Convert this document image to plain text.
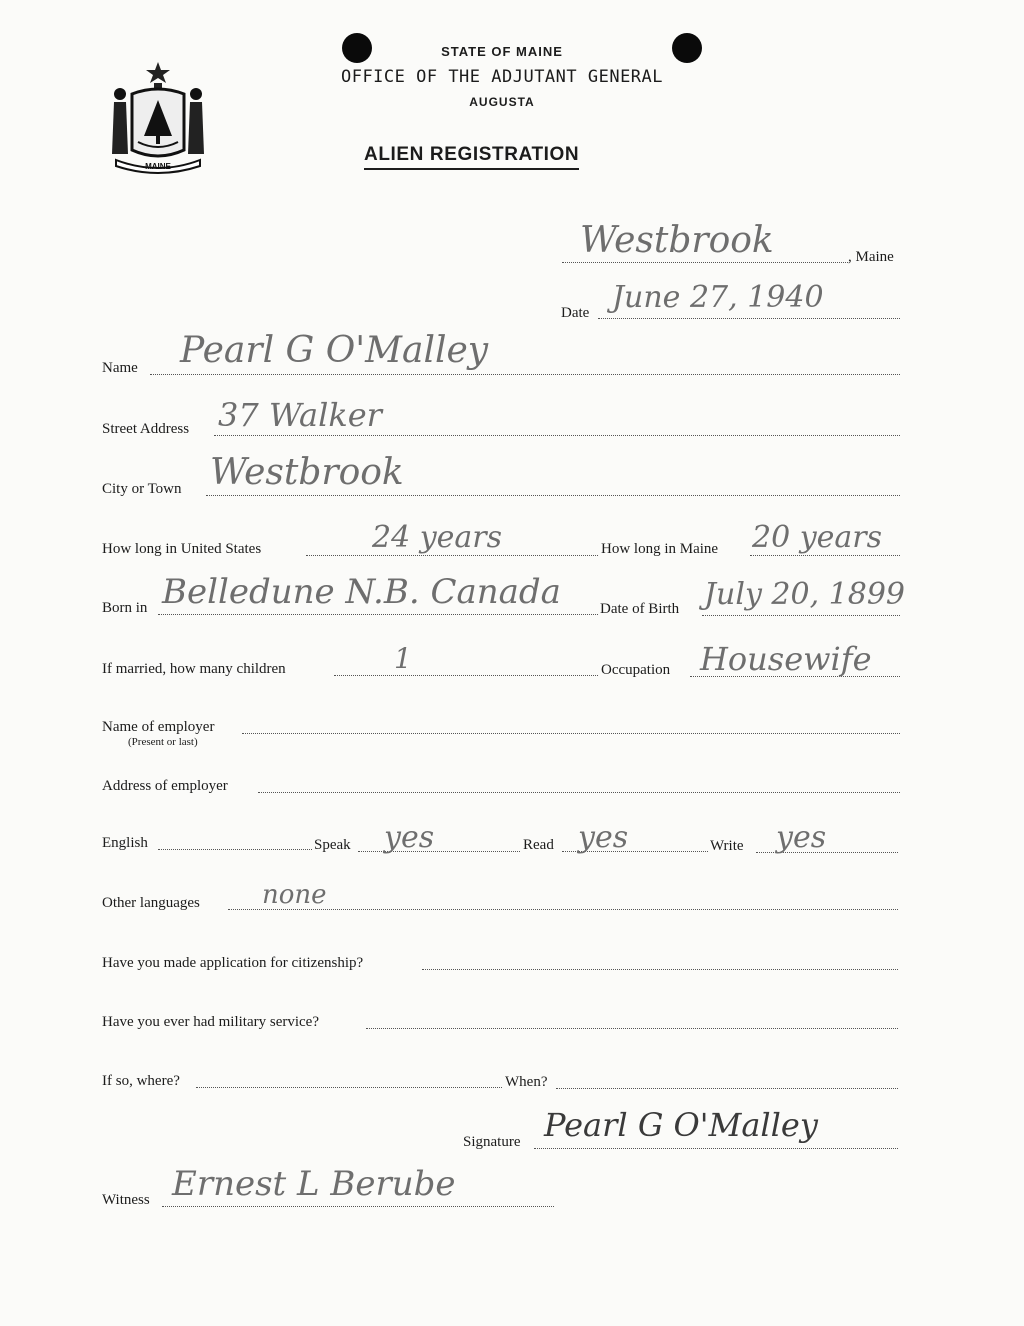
MAINE
STATE OF MAINE
OFFICE OF THE ADJUTANT GENERAL
AUGUSTA
ALIEN REGISTRATION
Westbrook	, Maine
Date June 27, 1940
Name Pearl G O'Malley
Street Address 37 Walker
City or Town Westbrook
How long in United States	24 years	How long in Maine 20 years
Born in Belledune N.B. Canada	Date of Birth July 20, 1899
If married, how many children	1	Occupation Housewife
Name of employer
(Present or last)
Address of employer
English	Speak yes	Read yes	Write yes
Other languages none
Have you made application for citizenship?
Have you ever had military service?
If so, where?	When?
Signature Pearl G O'Malley
Witness Ernest L Berube
